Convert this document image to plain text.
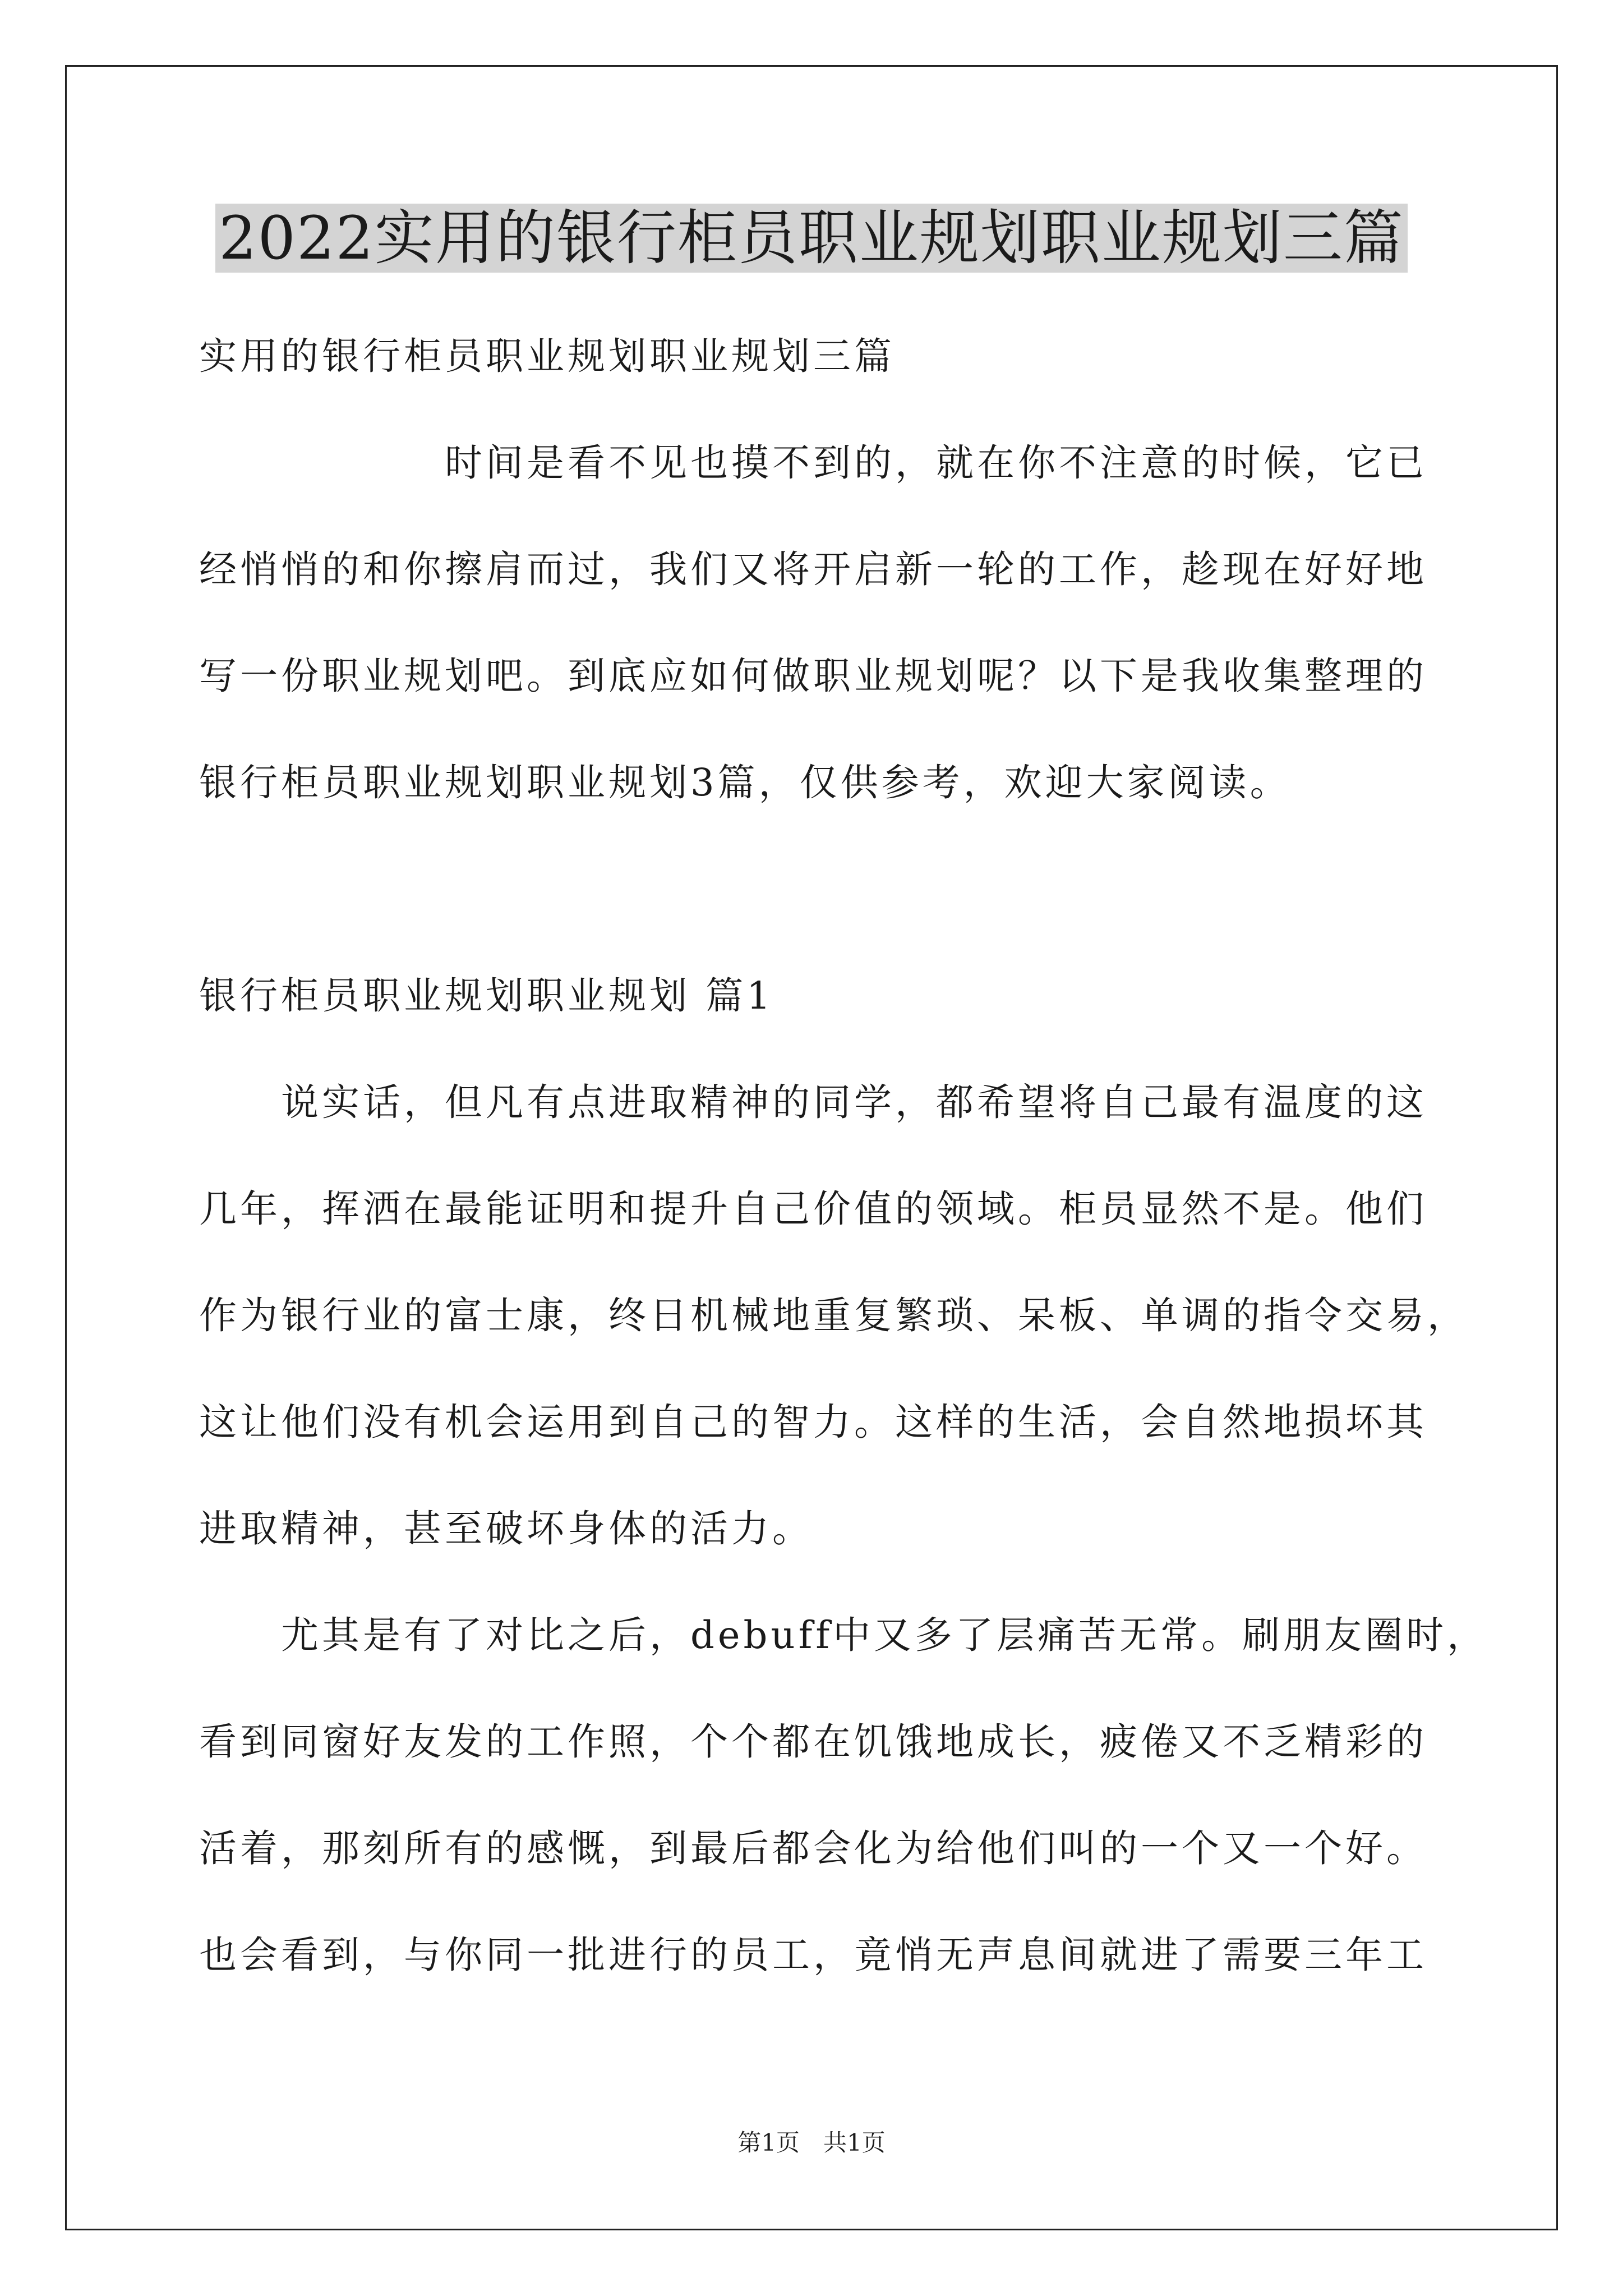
2022实用的银行柜员职业规划职业规划三篇
实用的银行柜员职业规划职业规划三篇
　　　　　　时间是看不见也摸不到的，就在你不注意的时候，它已
经悄悄的和你擦肩而过，我们又将开启新一轮的工作，趁现在好好地
写一份职业规划吧。到底应如何做职业规划呢？以下是我收集整理的
银行柜员职业规划职业规划3篇，仅供参考，欢迎大家阅读。
银行柜员职业规划职业规划 篇1
　　说实话，但凡有点进取精神的同学，都希望将自己最有温度的这
几年，挥洒在最能证明和提升自己价值的领域。柜员显然不是。他们
作为银行业的富士康，终日机械地重复繁琐、呆板、单调的指令交易，
这让他们没有机会运用到自己的智力。这样的生活，会自然地损坏其
进取精神，甚至破坏身体的活力。
　　尤其是有了对比之后，debuff中又多了层痛苦无常。刷朋友圈时，
看到同窗好友发的工作照，个个都在饥饿地成长，疲倦又不乏精彩的
活着，那刻所有的感慨，到最后都会化为给他们叫的一个又一个好。
也会看到，与你同一批进行的员工，竟悄无声息间就进了需要三年工
第1页　共1页
